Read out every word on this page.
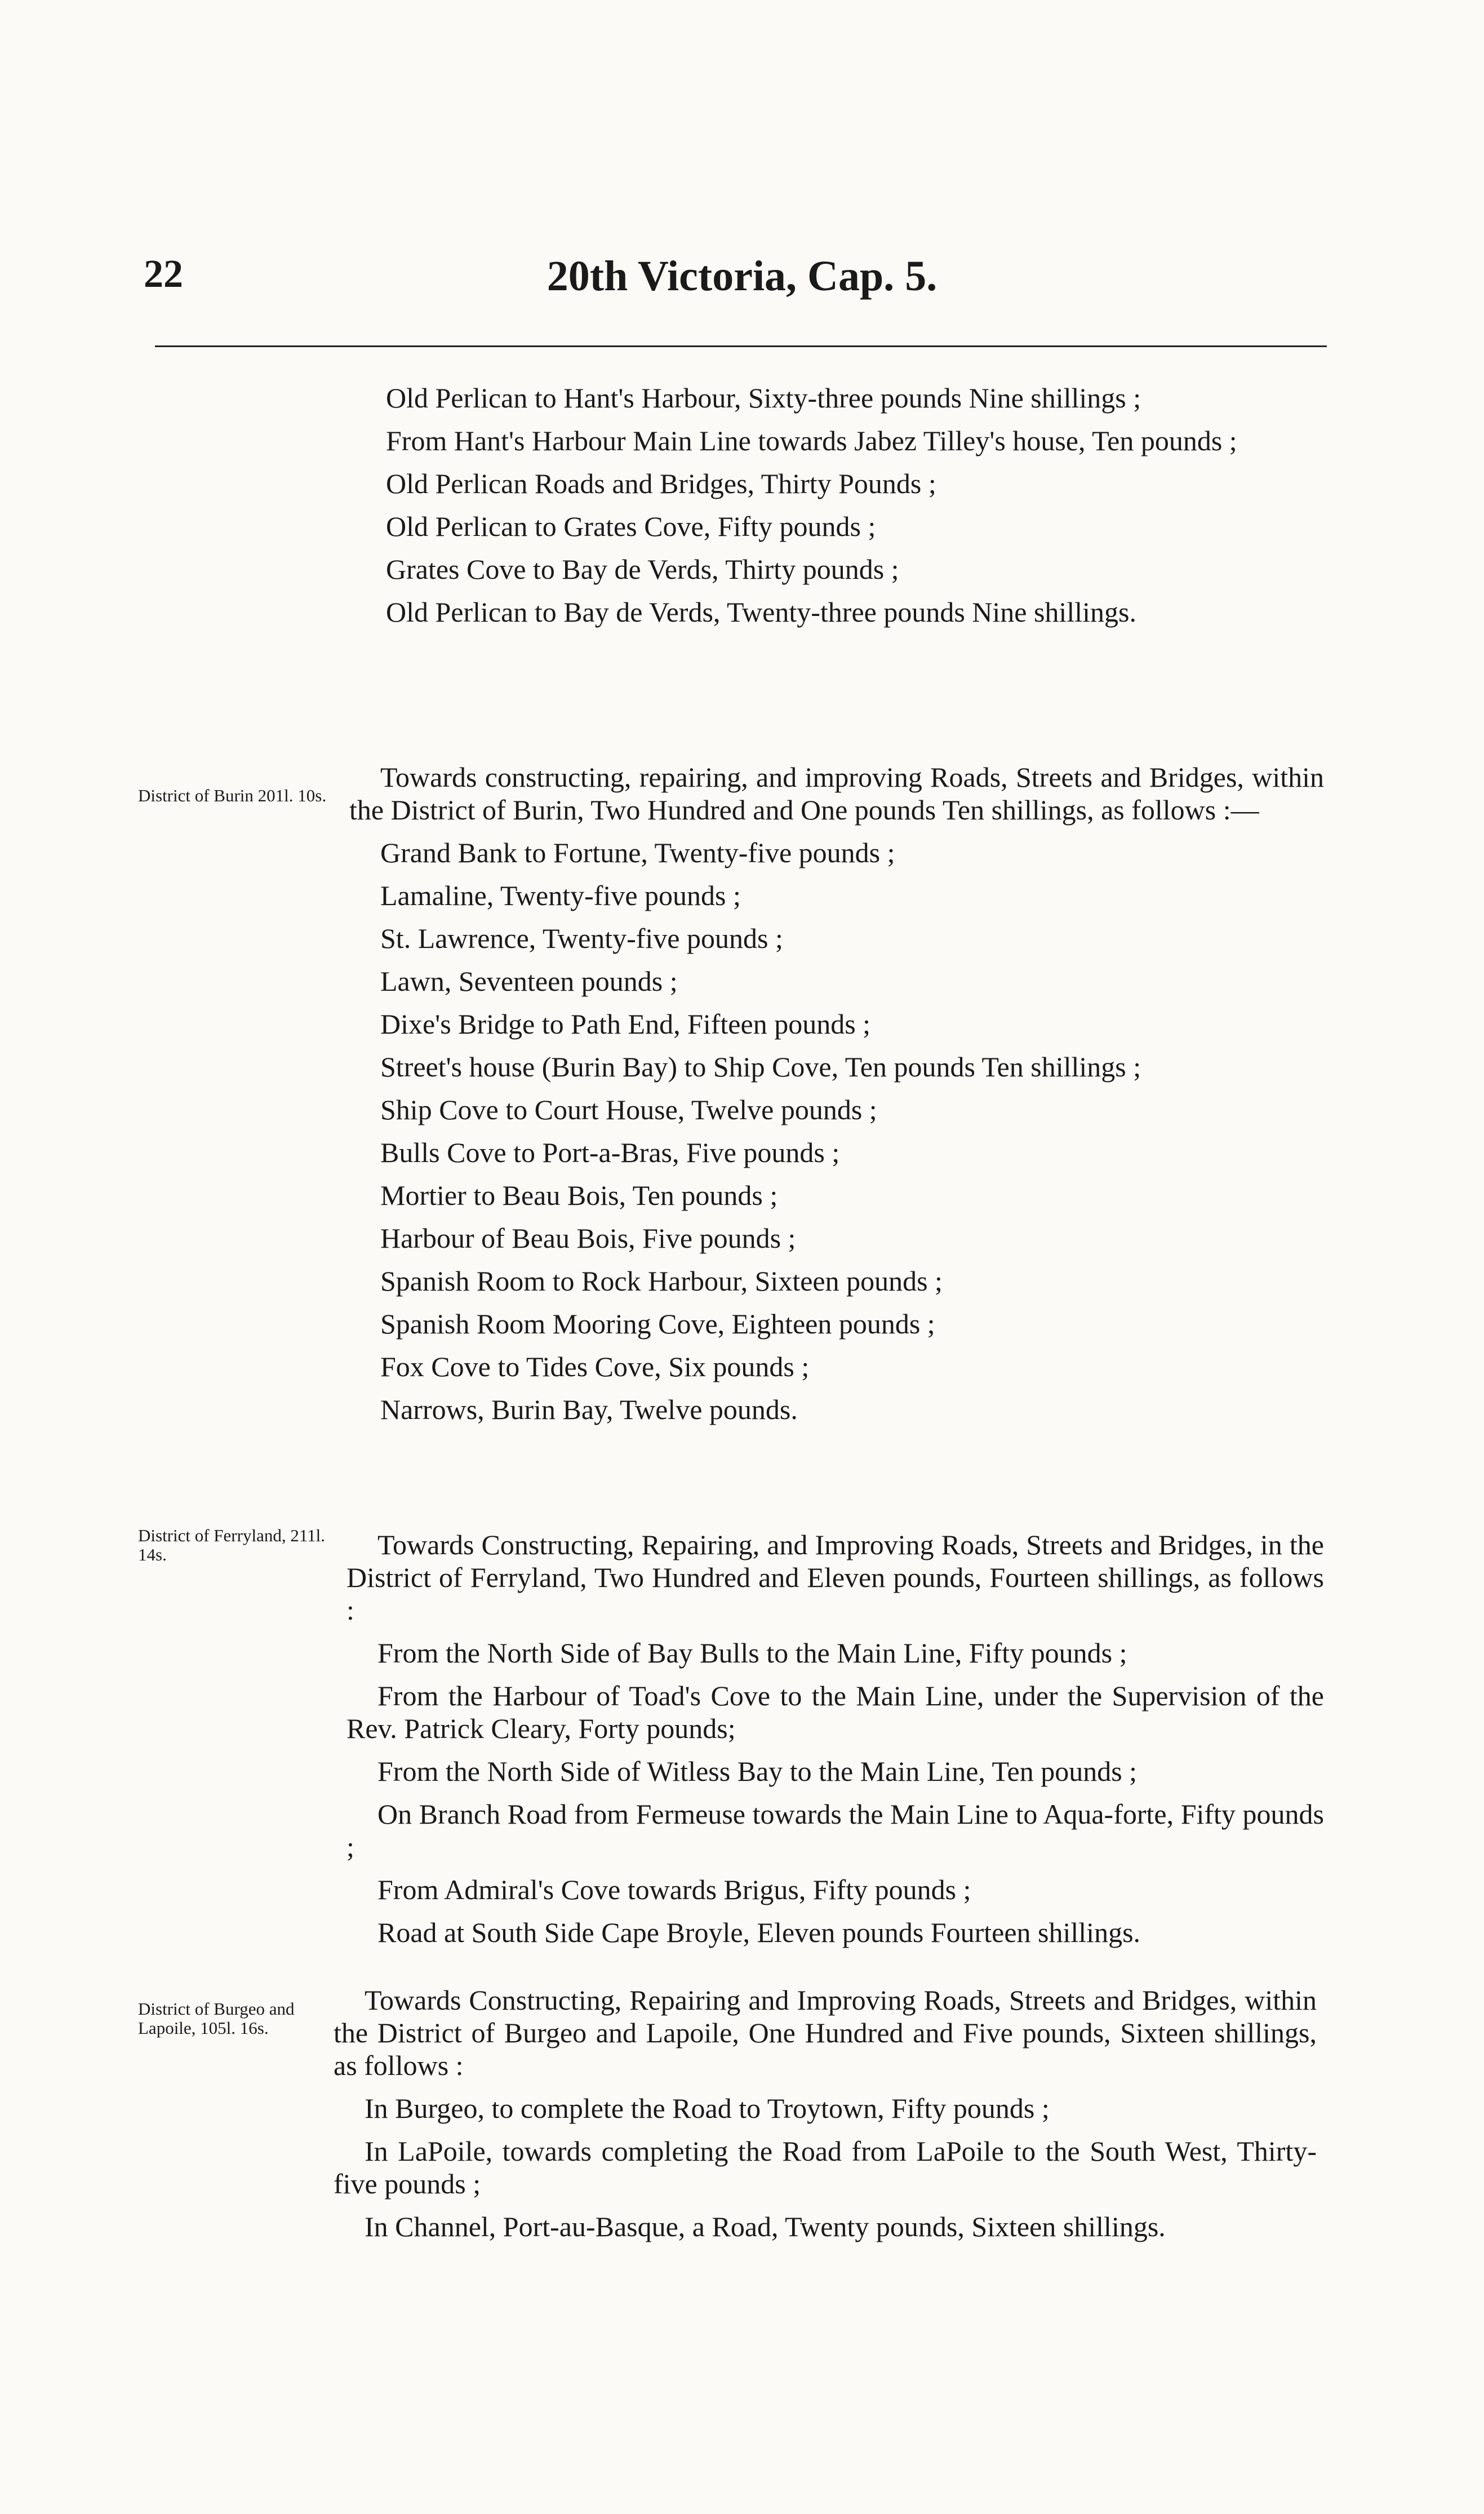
22	20th Victoria, Cap. 5.

Old Perlican to Hant's Harbour, Sixty-three pounds Nine shillings ;

From Hant's Harbour Main Line towards Jabez Tilley's house, Ten pounds ;

Old Perlican Roads and Bridges, Thirty Pounds ;

Old Perlican to Grates Cove, Fifty pounds ;

Grates Cove to Bay de Verds, Thirty pounds ;

Old Perlican to Bay de Verds, Twenty-three pounds Nine shillings.

District of Burin 201l. 10s.

Towards constructing, repairing, and improving Roads, Streets and Bridges, within the District of Burin, Two Hundred and One pounds Ten shillings, as follows :—

Grand Bank to Fortune, Twenty-five pounds ;

Lamaline, Twenty-five pounds ;

St. Lawrence, Twenty-five pounds ;

Lawn, Seventeen pounds ;

Dixe's Bridge to Path End, Fifteen pounds ;

Street's house (Burin Bay) to Ship Cove, Ten pounds Ten shillings ;

Ship Cove to Court House, Twelve pounds ;

Bulls Cove to Port-a-Bras, Five pounds ;

Mortier to Beau Bois, Ten pounds ;

Harbour of Beau Bois, Five pounds ;

Spanish Room to Rock Harbour, Sixteen pounds ;

Spanish Room Mooring Cove, Eighteen pounds ;

Fox Cove to Tides Cove, Six pounds ;

Narrows, Burin Bay, Twelve pounds.

District of Ferryland, 211l. 14s.	Towards Constructing, Repairing, and Improving Roads, Streets and Bridges, in the District of Ferryland, Two Hundred and Eleven pounds, Fourteen shillings, as follows :

From the North Side of Bay Bulls to the Main Line, Fifty pounds ;

From the Harbour of Toad's Cove to the Main Line, under the Supervision of the Rev. Patrick Cleary, Forty pounds;

From the North Side of Witless Bay to the Main Line, Ten pounds ;

On Branch Road from Fermeuse towards the Main Line to Aqua-forte, Fifty pounds ;

From Admiral's Cove towards Brigus, Fifty pounds ;

Road at South Side Cape Broyle, Eleven pounds Fourteen shillings.

District of Burgeo and Lapoile, 105l. 16s.

Towards Constructing, Repairing and Improving Roads, Streets and Bridges, within the District of Burgeo and Lapoile, One Hundred and Five pounds, Sixteen shillings, as follows :

In Burgeo, to complete the Road to Troytown, Fifty pounds ;

In LaPoile, towards completing the Road from LaPoile to the South West, Thirty-five pounds ;

In Channel, Port-au-Basque, a Road, Twenty pounds, Sixteen shillings.
